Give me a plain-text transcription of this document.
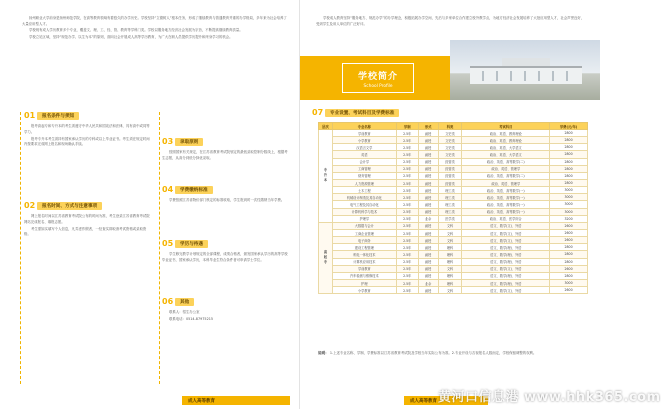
扬州职业大学前身是扬州师范学院，在高等教育领域有着悠久的办学历史。学校坚持“立德树人”根本任务，形成了继续教育与普通教育并重的办学格局，多年来为社会培养了大量应用型人才。

学校现有成人学历教育多个专业，覆盖文、理、工、经、管、教育等学科门类。学校以服务地方经济社会发展为宗旨，不断提高继续教育质量。

学校立足区域，坚持“规范办学、以生为本”的原则，面向社会开展成人高等学历教育，为广大在职人员提供学历提升和终身学习的机会。

01	报名条件与须知

报考高起专和专升本的考生须遵守中华人民共和国宪法和法律，具有高中或同等学力。

报考专升本考生须持有国家承认学历的专科或以上毕业证书。考生须在规定时间内按要求完成网上报名和现场确认手续。

02	报名时间、方式与注意事项

网上报名时间以江苏省教育考试院公布的时间为准，考生登录江苏省教育考试院网站完成报名、填报志愿。

考生需如实填写个人信息，凡弄虚作假者，一经查实即取消考试资格或录取资格。

03	录取原则

按照国家有关规定，在江苏省教育考试院划定的最低录取控制分数线上，根据考生志愿，从高分到低分择优录取。

04	学费缴纳标准

学费按照江苏省物价部门核定的标准收取，学生报到时一次性缴纳当年学费。

05	学历与待遇

学生修完教学计划规定的全部课程，成绩合格者，颁发国家承认学历的高等学校毕业证书，国家承认学历，本科毕业生符合条件者可申请学士学位。

06	其他

联系人：招生办公室

联系电话：0514-87975215

成人高等教育

学校成人教育坚持“服务地方、规范办学”的办学理念，积极拓展办学空间，先后与多家单位合作建立校外教学点，为地方经济社会发展培养了大批应用型人才，社会声誉良好，受到学生及用人单位的广泛好评。

学校简介
School Profile
07	专业设置、考试科目及学费标准
层次	专业名称	学制	形式	科类	考试科目	学费(元/年)
专升本	学前教育	2.5年	函授	文史类	政治、英语、教育理论	2800
	小学教育	2.5年	函授	文史类	政治、英语、教育理论	2800
	汉语言文学	2.5年	函授	文史类	政治、英语、大学语文	2800
	英语	2.5年	函授	文史类	政治、英语、大学语文	2800
	会计学	2.5年	函授	经管类	政治、英语、高等数学(二)	2800
	工商管理	2.5年	函授	经管类	政治、英语、管理学	2800
	财务管理	2.5年	函授	经管类	政治、英语、高等数学(二)	2800
	人力资源管理	2.5年	函授	经管类	政治、英语、管理学	2800
	土木工程	2.5年	函授	理工类	政治、英语、高等数学(一)	3000
	机械设计制造及其自动化	2.5年	函授	理工类	政治、英语、高等数学(一)	3000
	电气工程及其自动化	2.5年	函授	理工类	政治、英语、高等数学(一)	3000
	计算机科学与技术	2.5年	函授	理工类	政治、英语、高等数学(一)	3000
	护理学	2.5年	业余	医学类	政治、英语、医学综合	3200
高起专	大数据与会计	2.5年	函授	文科	语文、数学(文)、外语	2600
	工商企业管理	2.5年	函授	文科	语文、数学(文)、外语	2600
	电子商务	2.5年	函授	文科	语文、数学(文)、外语	2600
	建设工程管理	2.5年	函授	理科	语文、数学(理)、外语	2800
	机电一体化技术	2.5年	函授	理科	语文、数学(理)、外语	2800
	计算机应用技术	2.5年	函授	理科	语文、数学(理)、外语	2800
	学前教育	2.5年	函授	文科	语文、数学(文)、外语	2600
	汽车检测与维修技术	2.5年	函授	理科	语文、数学(理)、外语	2800
	护理	2.5年	业余	理科	语文、数学(理)、外语	3000
	小学教育	2.5年	函授	文科	语文、数学(文)、外语	2600
说明： 1.上述专业名称、学制、学费标准以江苏省教育考试院及学校当年实际公布为准。2.专业开设与否视报名人数而定，学校保留调整的权利。
成人高等教育 黄河口信息港 www.hhk365.com
